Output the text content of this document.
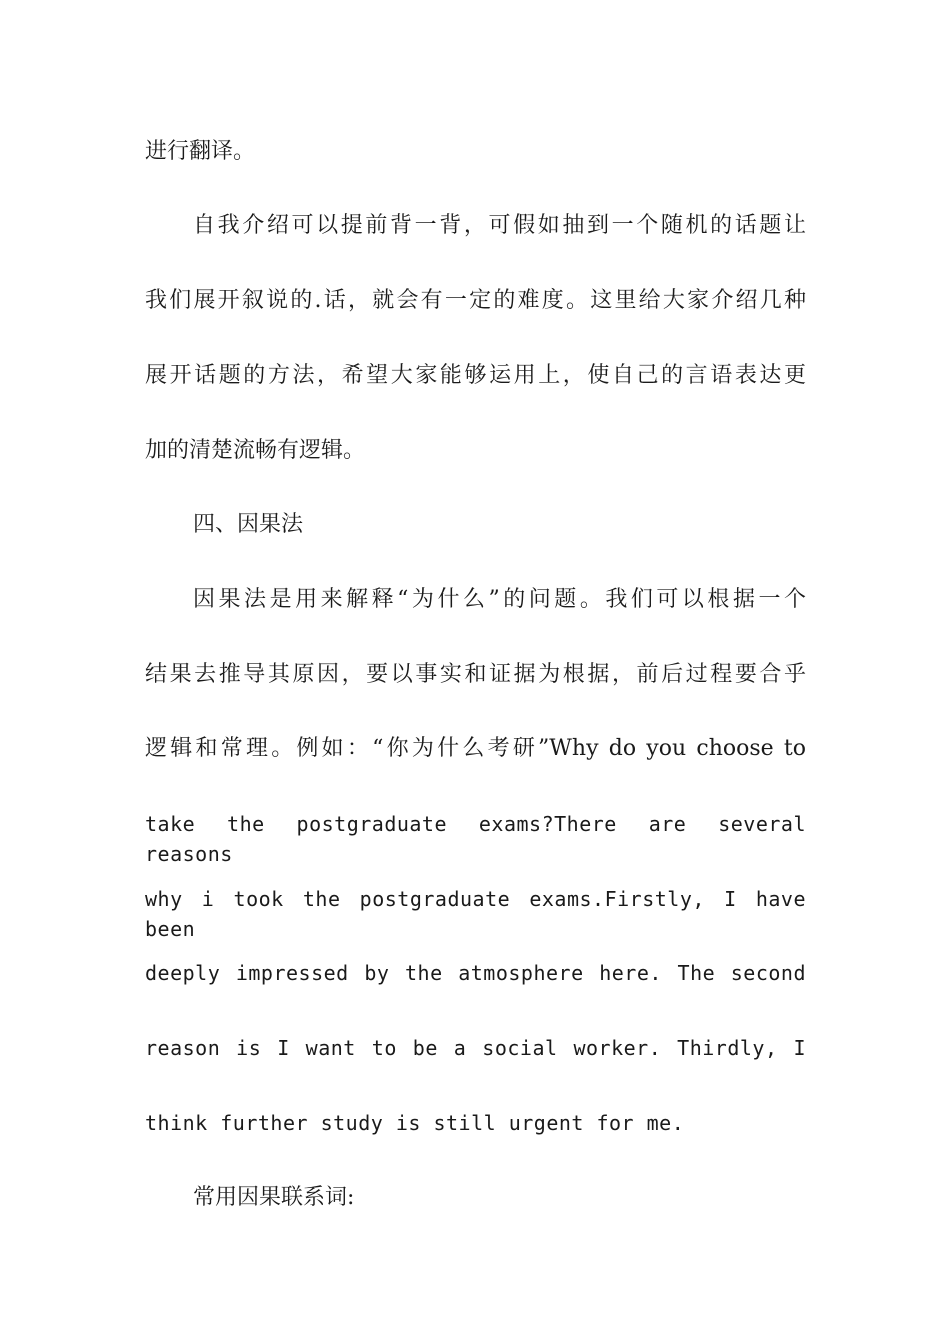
进行翻译。
自我介绍可以提前背一背，可假如抽到一个随机的话题让
我们展开叙说的.话，就会有一定的难度。这里给大家介绍几种
展开话题的方法，希望大家能够运用上，使自己的言语表达更
加的清楚流畅有逻辑。
四、因果法
因果法是用来解释“为什么”的问题。我们可以根据一个
结果去推导其原因，要以事实和证据为根据，前后过程要合乎
逻辑和常理。例如：“你为什么考研”Why do you choose to
take the postgraduate exams?There are several reasons
why i took the postgraduate exams.Firstly, I have been
deeply impressed by the atmosphere here. The second
reason is I want to be a social worker. Thirdly, I
think further study is still urgent for me.
常用因果联系词:
